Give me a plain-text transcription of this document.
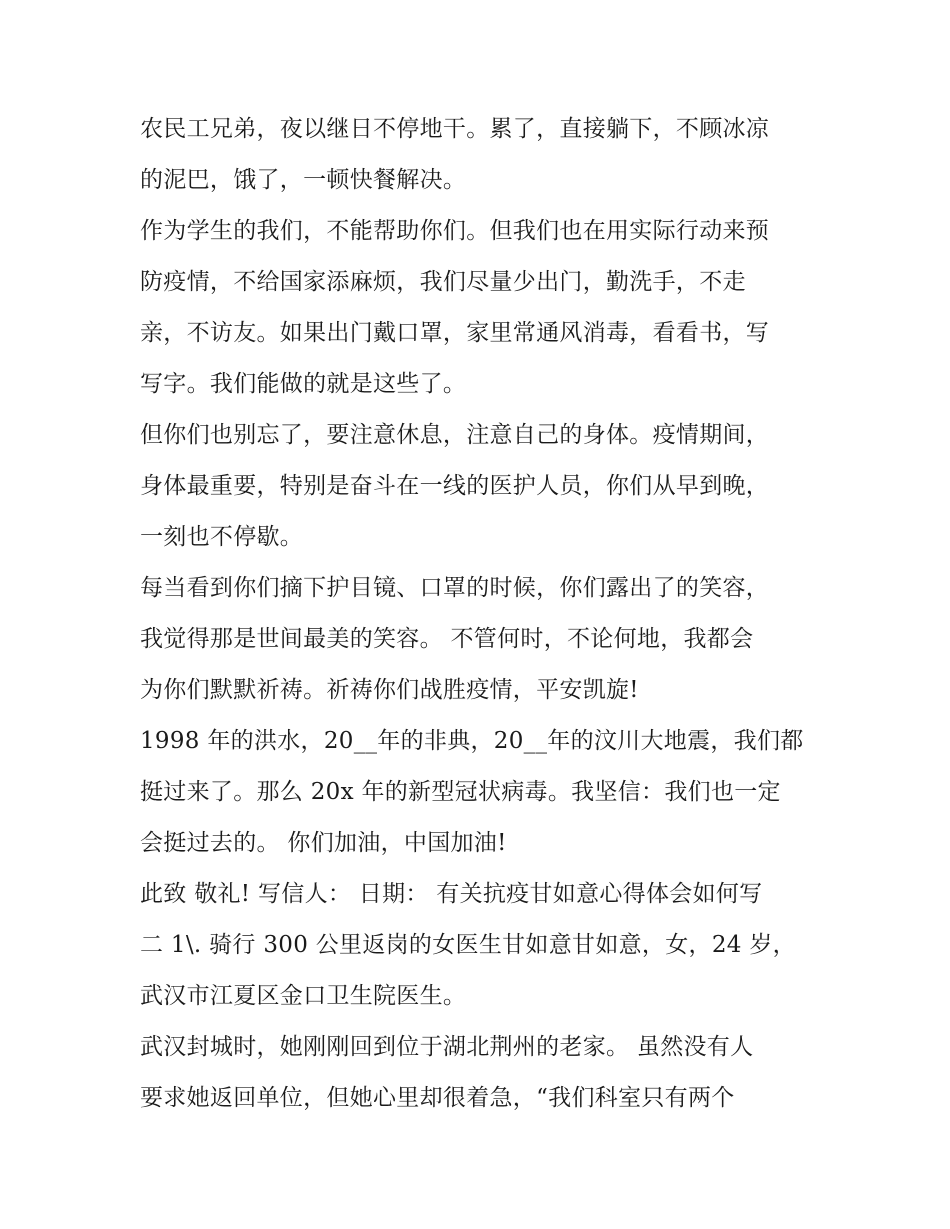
农民工兄弟，夜以继日不停地干。累了，直接躺下，不顾冰凉
的泥巴，饿了，一顿快餐解决。
作为学生的我们，不能帮助你们。但我们也在用实际行动来预
防疫情，不给国家添麻烦，我们尽量少出门，勤洗手，不走
亲，不访友。如果出门戴口罩，家里常通风消毒，看看书，写
写字。我们能做的就是这些了。
但你们也别忘了，要注意休息，注意自己的身体。疫情期间，
身体最重要，特别是奋斗在一线的医护人员，你们从早到晚，
一刻也不停歇。
每当看到你们摘下护目镜、口罩的时候，你们露出了的笑容，
我觉得那是世间最美的笑容。 不管何时，不论何地，我都会
为你们默默祈祷。祈祷你们战胜疫情，平安凯旋!
1998 年的洪水，20__年的非典，20__年的汶川大地震，我们都
挺过来了。那么 20x 年的新型冠状病毒。我坚信：我们也一定
会挺过去的。 你们加油，中国加油!
此致 敬礼! 写信人： 日期： 有关抗疫甘如意心得体会如何写
二 1\. 骑行 300 公里返岗的女医生甘如意甘如意，女，24 岁，
武汉市江夏区金口卫生院医生。
武汉封城时，她刚刚回到位于湖北荆州的老家。 虽然没有人
要求她返回单位，但她心里却很着急，“我们科室只有两个
